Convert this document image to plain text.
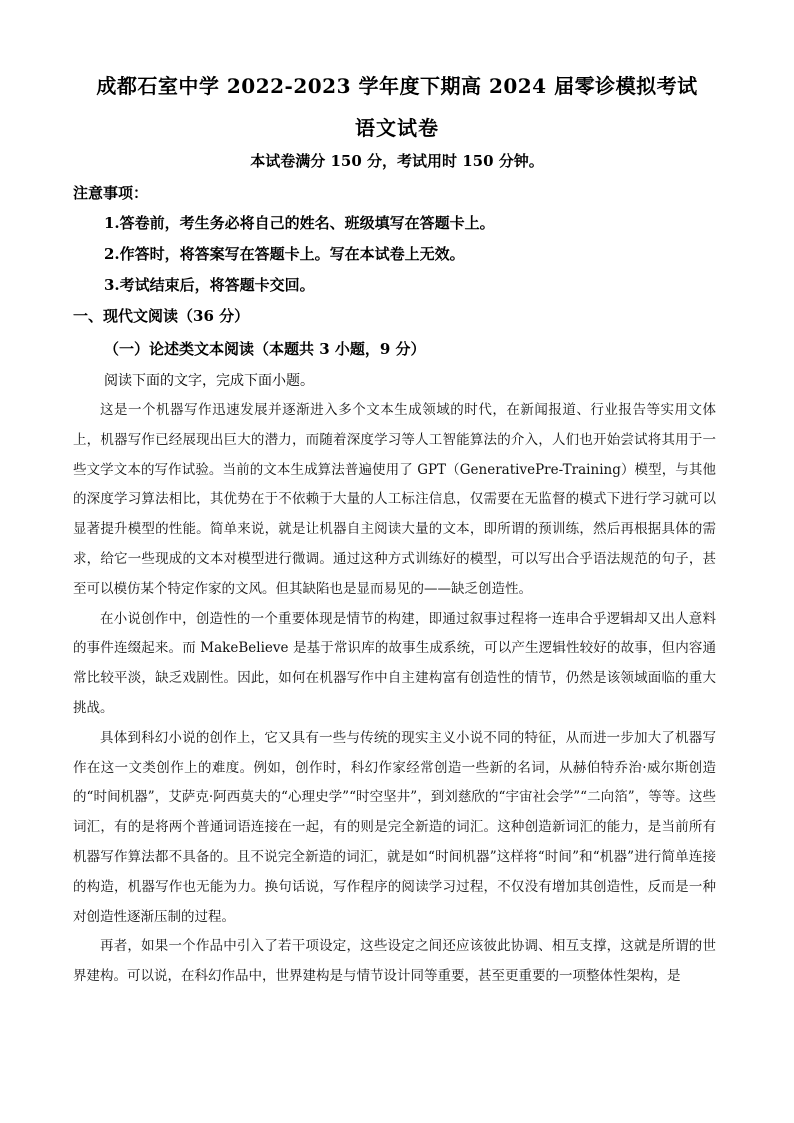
成都石室中学 2022-2023 学年度下期高 2024 届零诊模拟考试
语文试卷
本试卷满分 150 分，考试用时 150 分钟。
注意事项：
1.答卷前，考生务必将自己的姓名、班级填写在答题卡上。
2.作答时，将答案写在答题卡上。写在本试卷上无效。
3.考试结束后，将答题卡交回。
一、现代文阅读（36 分）
（一）论述类文本阅读（本题共 3 小题，9 分）
阅读下面的文字，完成下面小题。

这是一个机器写作迅速发展并逐渐进入多个文本生成领域的时代，在新闻报道、行业报告等实用文体上，机器写作已经展现出巨大的潜力，而随着深度学习等人工智能算法的介入，人们也开始尝试将其用于一些文学文本的写作试验。当前的文本生成算法普遍使用了 GPT（GenerativePre-Training）模型，与其他的深度学习算法相比，其优势在于不依赖于大量的人工标注信息，仅需要在无监督的模式下进行学习就可以显著提升模型的性能。简单来说，就是让机器自主阅读大量的文本，即所谓的预训练，然后再根据具体的需求，给它一些现成的文本对模型进行微调。通过这种方式训练好的模型，可以写出合乎语法规范的句子，甚至可以模仿某个特定作家的文风。但其缺陷也是显而易见的——缺乏创造性。

在小说创作中，创造性的一个重要体现是情节的构建，即通过叙事过程将一连串合乎逻辑却又出人意料的事件连缀起来。而 MakeBelieve 是基于常识库的故事生成系统，可以产生逻辑性较好的故事，但内容通常比较平淡，缺乏戏剧性。因此，如何在机器写作中自主建构富有创造性的情节，仍然是该领域面临的重大挑战。

具体到科幻小说的创作上，它又具有一些与传统的现实主义小说不同的特征，从而进一步加大了机器写作在这一文类创作上的难度。例如，创作时，科幻作家经常创造一些新的名词，从赫伯特乔治·威尔斯创造的“时间机器”，艾萨克·阿西莫夫的“心理史学”“时空坚井”，到刘慈欣的“宇宙社会学”“二向箔”，等等。这些词汇，有的是将两个普通词语连接在一起，有的则是完全新造的词汇。这种创造新词汇的能力，是当前所有机器写作算法都不具备的。且不说完全新造的词汇，就是如“时间机器”这样将“时间”和“机器”进行简单连接的构造，机器写作也无能为力。换句话说，写作程序的阅读学习过程，不仅没有增加其创造性，反而是一种对创造性逐渐压制的过程。

再者，如果一个作品中引入了若干项设定，这些设定之间还应该彼此协调、相互支撑，这就是所谓的世界建构。可以说，在科幻作品中，世界建构是与情节设计同等重要，甚至更重要的一项整体性架构，是
